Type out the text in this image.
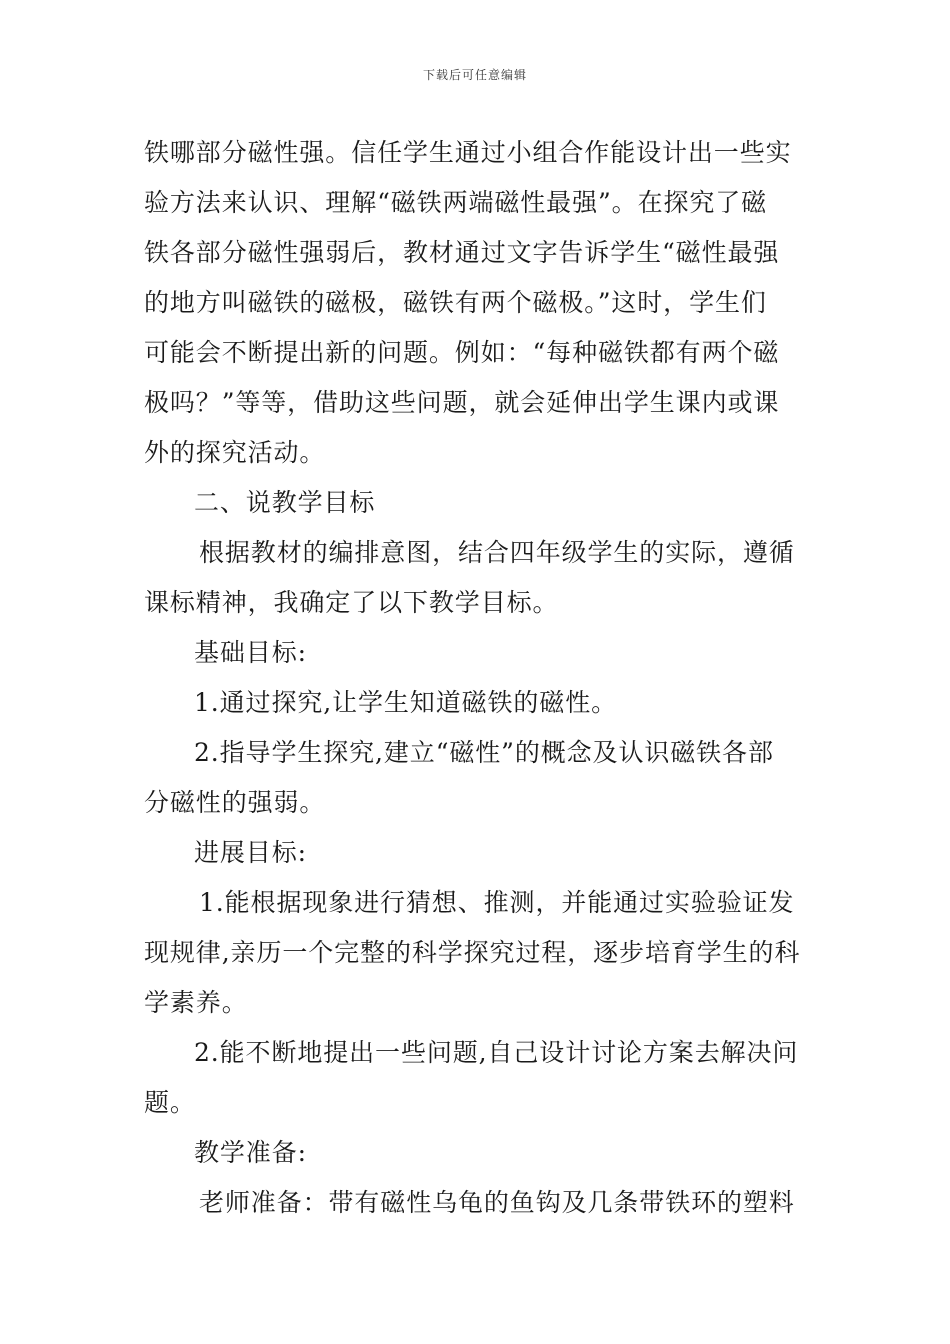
下载后可任意编辑
铁哪部分磁性强。信任学生通过小组合作能设计出一些实
验方法来认识、理解“磁铁两端磁性最强”。在探究了磁
铁各部分磁性强弱后，教材通过文字告诉学生“磁性最强
的地方叫磁铁的磁极，磁铁有两个磁极。”这时，学生们
可能会不断提出新的问题。例如：“每种磁铁都有两个磁
极吗？”等等，借助这些问题，就会延伸出学生课内或课
外的探究活动。
二、说教学目标
根据教材的编排意图，结合四年级学生的实际，遵循
课标精神，我确定了以下教学目标。
基础目标:
1.通过探究,让学生知道磁铁的磁性。
2.指导学生探究,建立“磁性”的概念及认识磁铁各部
分磁性的强弱。
进展目标:
1.能根据现象进行猜想、推测，并能通过实验验证发
现规律,亲历一个完整的科学探究过程，逐步培育学生的科
学素养。
2.能不断地提出一些问题,自己设计讨论方案去解决问
题。
教学准备:
老师准备：带有磁性乌龟的鱼钩及几条带铁环的塑料
